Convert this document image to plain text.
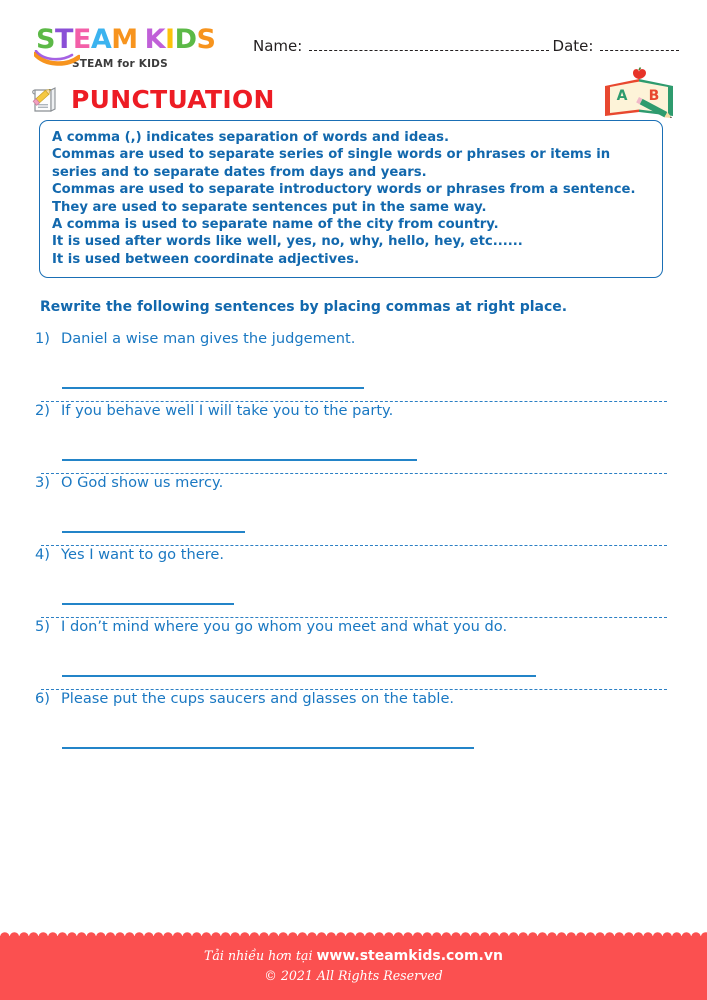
STEAM KIDS
STEAM for KIDS
Name:	Date:
PUNCTUATION	A B
A comma (,) indicates separation of words and ideas.
Commas are used to separate series of single words or phrases or items in
series and to separate dates from days and years.
Commas are used to separate introductory words or phrases from a sentence.
They are used to separate sentences put in the same way.
A comma is used to separate name of the city from country.
It is used after words like well, yes, no, why, hello, hey, etc......
It is used between coordinate adjectives.
Rewrite the following sentences by placing commas at right place.
1) Daniel a wise man gives the judgement.
2) If you behave well I will take you to the party.
3) O God show us mercy.
4) Yes I want to go there.
5) I don’t mind where you go whom you meet and what you do.
6) Please put the cups saucers and glasses on the table.
Tải nhiều hơn tại www.steamkids.com.vn
© 2021 All Rights Reserved
